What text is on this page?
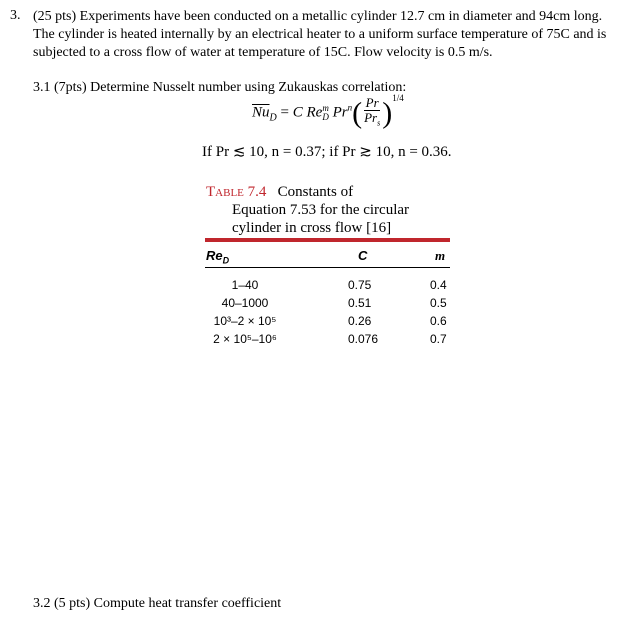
3. (25 pts) Experiments have been conducted on a metallic cylinder 12.7 cm in diameter and 94cm long. The cylinder is heated internally by an electrical heater to a uniform surface temperature of 75C and is subjected to a cross flow of water at temperature of 15C. Flow velocity is 0.5 m/s.
3.1 (7pts) Determine Nusselt number using Zukauskas correlation:
$\overline{Nu}_D = C$ Re m
D $Pr^n( \frac{Pr}{Pr_s} )^{1/4}$
If Pr ≲ 10, n = 0.37; if Pr ≳ 10, n = 0.36.
Table 7.4 Constants of
Equation 7.53 for the circular
cylinder in cross flow [16]
$Re_D$	C	m
1–40	0.75	0.4
40–1000	0.51	0.5
10³–2 × 10⁵	0.26	0.6
2 × 10⁵–10⁶	0.076	0.7
3.2 (5 pts) Compute heat transfer coefficient
